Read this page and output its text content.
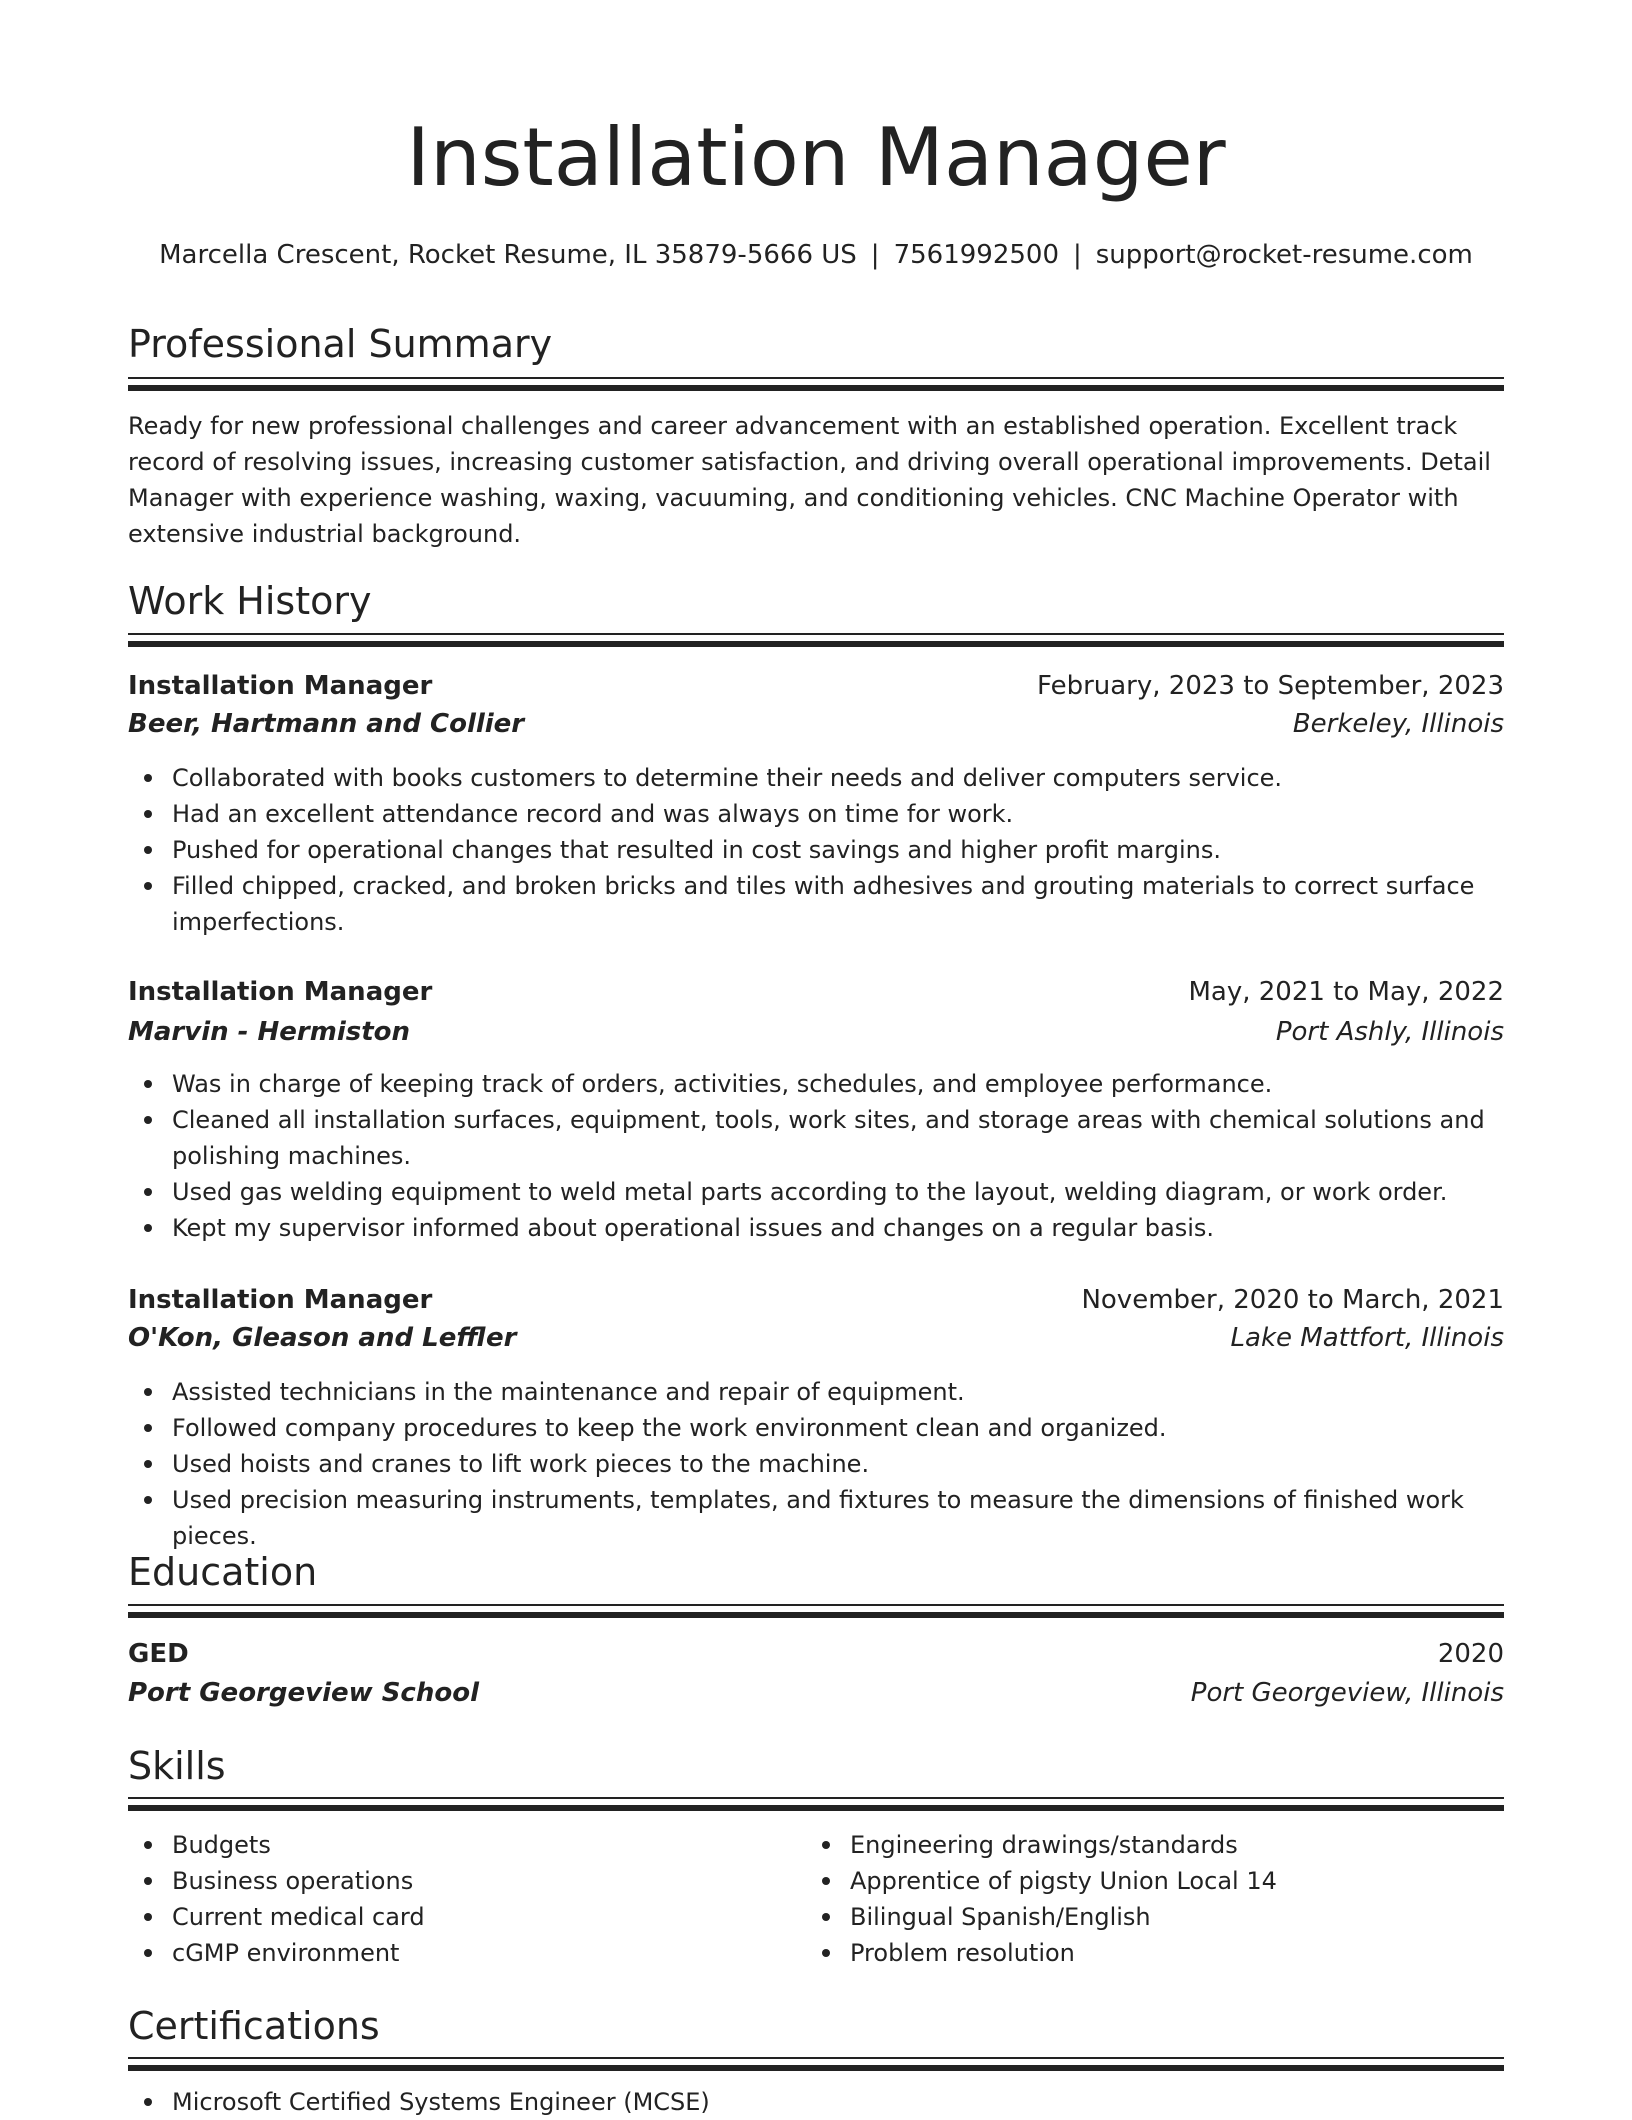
Installation Manager
Marcella Crescent, Rocket Resume, IL 35879-5666 US | 7561992500 | support@rocket-resume.com
Professional Summary

Ready for new professional challenges and career advancement with an established operation. Excellent track record of resolving issues, increasing customer satisfaction, and driving overall operational improvements. Detail Manager with experience washing, waxing, vacuuming, and conditioning vehicles. CNC Machine Operator with extensive industrial background.

Work History
Installation Manager	February, 2023 to September, 2023
Beer, Hartmann and Collier	Berkeley, Illinois
Collaborated with books customers to determine their needs and deliver computers service.
Had an excellent attendance record and was always on time for work.
Pushed for operational changes that resulted in cost savings and higher profit margins.
Filled chipped, cracked, and broken bricks and tiles with adhesives and grouting materials to correct surface imperfections.
Installation Manager	May, 2021 to May, 2022
Marvin - Hermiston	Port Ashly, Illinois
Was in charge of keeping track of orders, activities, schedules, and employee performance.
Cleaned all installation surfaces, equipment, tools, work sites, and storage areas with chemical solutions and polishing machines.
Used gas welding equipment to weld metal parts according to the layout, welding diagram, or work order.
Kept my supervisor informed about operational issues and changes on a regular basis.
Installation Manager	November, 2020 to March, 2021
O'Kon, Gleason and Leffler	Lake Mattfort, Illinois
Assisted technicians in the maintenance and repair of equipment.
Followed company procedures to keep the work environment clean and organized.
Used hoists and cranes to lift work pieces to the machine.
Used precision measuring instruments, templates, and fixtures to measure the dimensions of finished work pieces.
Education
GED	2020
Port Georgeview School	Port Georgeview, Illinois
Skills
Budgets
Business operations
Current medical card
cGMP environment
Engineering drawings/standards
Apprentice of pigsty Union Local 14
Bilingual Spanish/English
Problem resolution
Certifications
Microsoft Certified Systems Engineer (MCSE)
